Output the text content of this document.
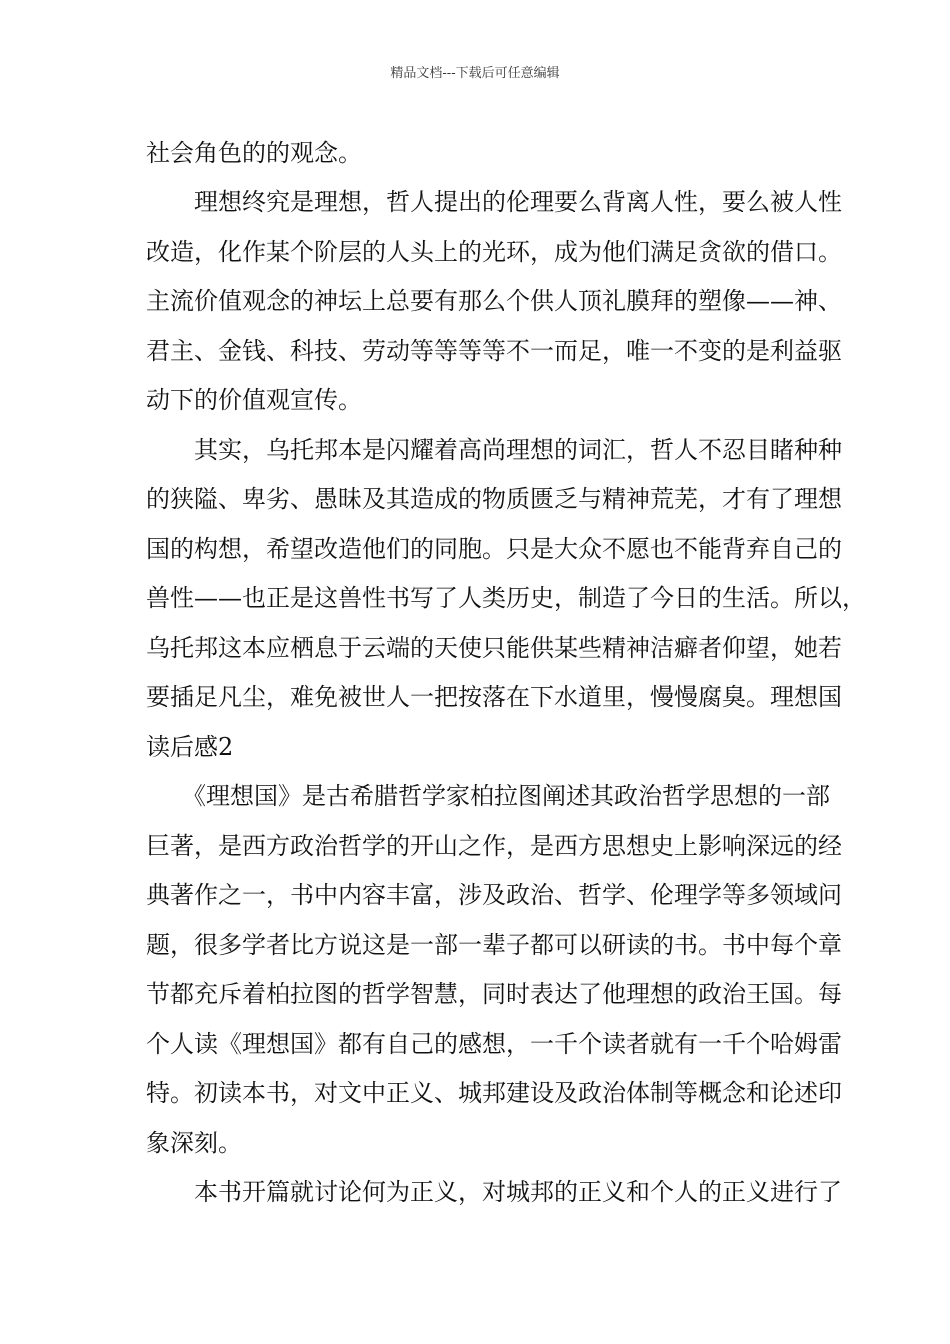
精品文档---下载后可任意编辑
社会角色的的观念。
　　理想终究是理想，哲人提出的伦理要么背离人性，要么被人性
改造，化作某个阶层的人头上的光环，成为他们满足贪欲的借口。
主流价值观念的神坛上总要有那么个供人顶礼膜拜的塑像——神、
君主、金钱、科技、劳动等等等等不一而足，唯一不变的是利益驱
动下的价值观宣传。
　　其实，乌托邦本是闪耀着高尚理想的词汇，哲人不忍目睹种种
的狭隘、卑劣、愚昧及其造成的物质匮乏与精神荒芜，才有了理想
国的构想，希望改造他们的同胞。只是大众不愿也不能背弃自己的
兽性——也正是这兽性书写了人类历史，制造了今日的生活。所以，
乌托邦这本应栖息于云端的天使只能供某些精神洁癖者仰望，她若
要插足凡尘，难免被世人一把按落在下水道里，慢慢腐臭。理想国
读后感2
　　《理想国》是古希腊哲学家柏拉图阐述其政治哲学思想的一部
巨著，是西方政治哲学的开山之作，是西方思想史上影响深远的经
典著作之一，书中内容丰富，涉及政治、哲学、伦理学等多领域问
题，很多学者比方说这是一部一辈子都可以研读的书。书中每个章
节都充斥着柏拉图的哲学智慧，同时表达了他理想的政治王国。每
个人读《理想国》都有自己的感想，一千个读者就有一千个哈姆雷
特。初读本书，对文中正义、城邦建设及政治体制等概念和论述印
象深刻。
　　本书开篇就讨论何为正义，对城邦的正义和个人的正义进行了
